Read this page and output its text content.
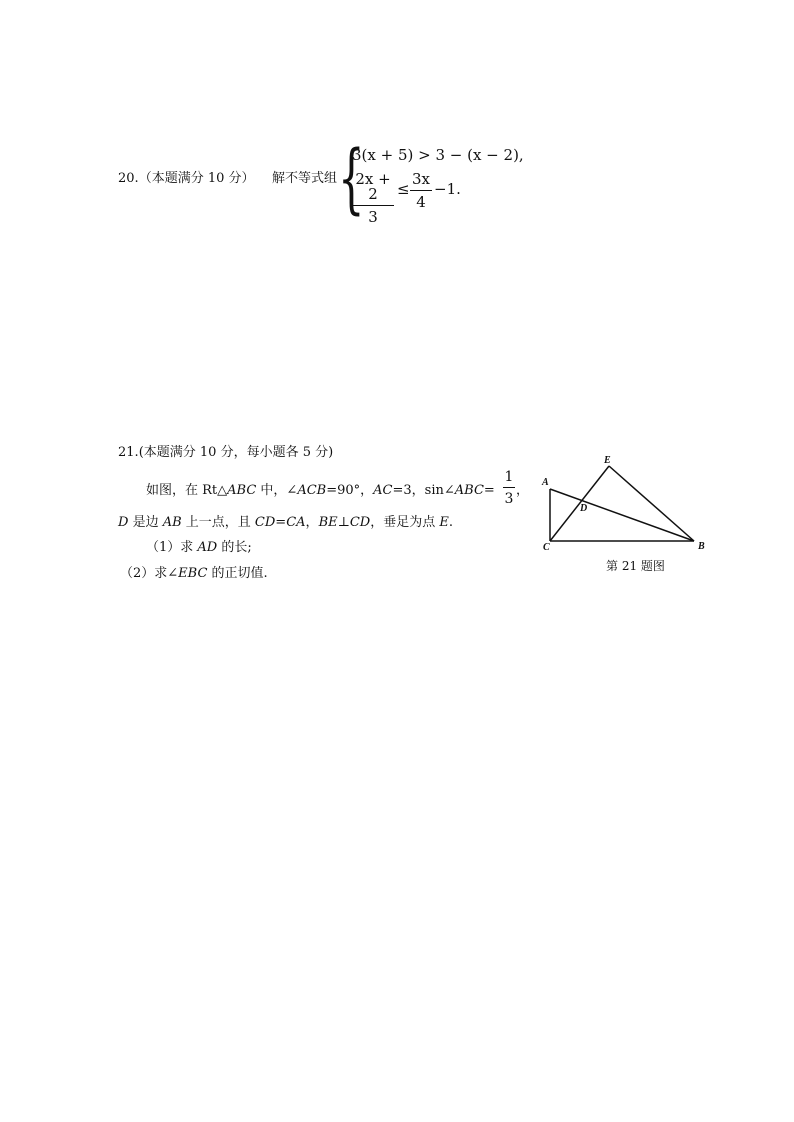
20.（本题满分 10 分） 解不等式组 {
3(x + 5) > 3 − (x − 2),
2x + 2
3
≤
3x
4
−1.
21.(本题满分 10 分，每小题各 5 分)
如图，在 Rt△ABC 中，∠ACB=90°，AC=3，sin∠ABC=
1
3
，
D 是边 AB 上一点，且 CD=CA，BE⊥CD，垂足为点 E.
（1）求 AD 的长;
（2）求∠EBC 的正切值.
E
A
D
C	B
第 21 题图
